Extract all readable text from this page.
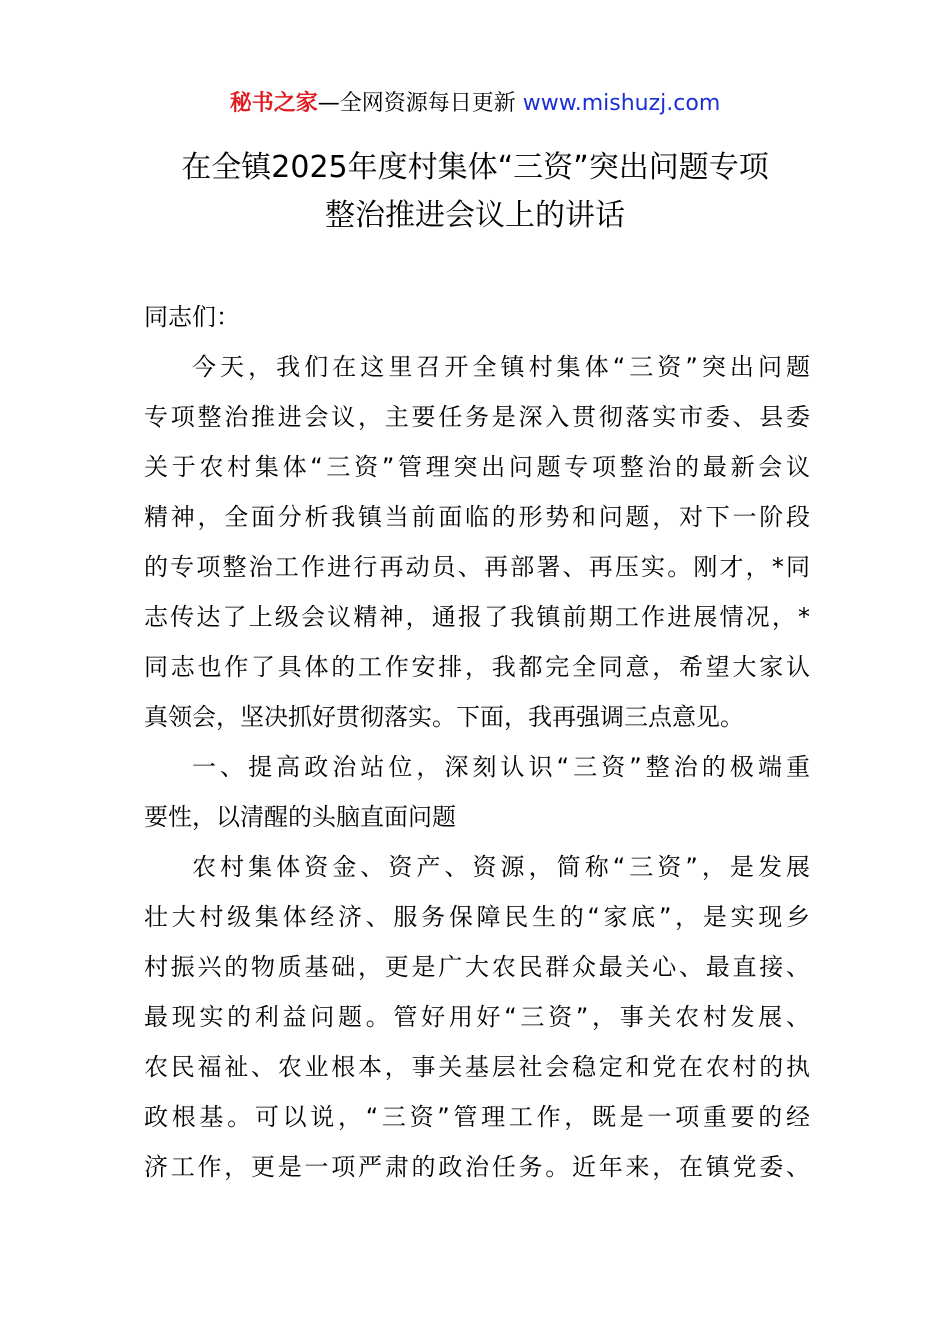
秘书之家—全网资源每日更新 www.mishuzj.com
在全镇2025年度村集体“三资”突出问题专项
整治推进会议上的讲话
同志们：
今天，我们在这里召开全镇村集体“三资”突出问题
专项整治推进会议，主要任务是深入贯彻落实市委、县委
关于农村集体“三资”管理突出问题专项整治的最新会议
精神，全面分析我镇当前面临的形势和问题，对下一阶段
的专项整治工作进行再动员、再部署、再压实。刚才，*同
志传达了上级会议精神，通报了我镇前期工作进展情况，*
同志也作了具体的工作安排，我都完全同意，希望大家认
真领会，坚决抓好贯彻落实。下面，我再强调三点意见。
一、提高政治站位，深刻认识“三资”整治的极端重
要性，以清醒的头脑直面问题
农村集体资金、资产、资源，简称“三资”，是发展
壮大村级集体经济、服务保障民生的“家底”，是实现乡
村振兴的物质基础，更是广大农民群众最关心、最直接、
最现实的利益问题。管好用好“三资”，事关农村发展、
农民福祉、农业根本，事关基层社会稳定和党在农村的执
政根基。可以说，“三资”管理工作，既是一项重要的经
济工作，更是一项严肃的政治任务。近年来，在镇党委、
